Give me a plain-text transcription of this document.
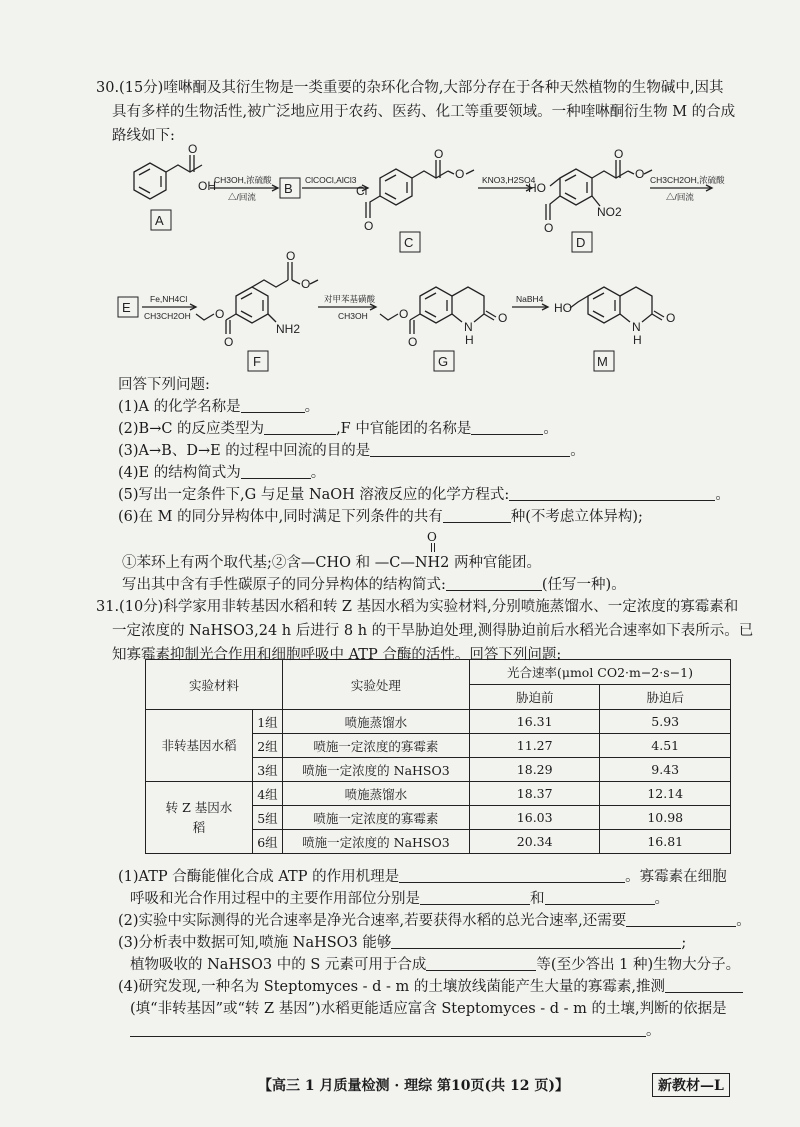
30.(15分)喹啉酮及其衍生物是一类重要的杂环化合物,大部分存在于各种天然植物的生物碱中,因其
具有多样的生物活性,被广泛地应用于农药、医药、化工等重要领域。一种喹啉酮衍生物 M 的合成
路线如下:
OH
O	O
O
Cl
O
O
O
HO
O
NO2
O
O
O
O
NH2
O
O
N
H
O
HO
N
H
O
CH3OH,浓硫酸
△/回流
ClCOCl,AlCl3	KNO3,H2SO4	CH3CH2OH,浓硫酸
△/回流
Fe,NH4Cl
CH3CH2OH
对甲苯基磺酸
CH3OH
NaBH4
A
B
C	D
E
F	G	M
回答下列问题:
(1)A 的化学名称是	。
(2)B→C 的反应类型为	,F 中官能团的名称是	。
(3)A→B、D→E 的过程中回流的目的是	。
(4)E 的结构简式为	。
(5)写出一定条件下,G 与足量 NaOH 溶液反应的化学方程式:	。
(6)在 M 的同分异构体中,同时满足下列条件的共有	种(不考虑立体异构);
O
①苯环上有两个取代基;②含—CHO 和 —C—NH2 两种官能团。
写出其中含有手性碳原子的同分异构体的结构简式:	(任写一种)。
31.(10分)科学家用非转基因水稻和转 Z 基因水稻为实验材料,分别喷施蒸馏水、一定浓度的寡霉素和
一定浓度的 NaHSO3,24 h 后进行 8 h 的干旱胁迫处理,测得胁迫前后水稻光合速率如下表所示。已
知寡霉素抑制光合作用和细胞呼吸中 ATP 合酶的活性。回答下列问题:
实验材料		实验处理	光合速率(μmol CO2·m−2·s−1)	
			胁迫前	胁迫后
非转基因水稻	1组	喷施蒸馏水	16.31	5.93
	2组	喷施一定浓度的寡霉素	11.27	4.51
	3组	喷施一定浓度的 NaHSO3	18.29	9.43
转 Z 基因水稻	4组	喷施蒸馏水	18.37	12.14
	5组	喷施一定浓度的寡霉素	16.03	10.98
	6组	喷施一定浓度的 NaHSO3	20.34	16.81
(1)ATP 合酶能催化合成 ATP 的作用机理是	。寡霉素在细胞
呼吸和光合作用过程中的主要作用部位分别是	和	。
(2)实验中实际测得的光合速率是净光合速率,若要获得水稻的总光合速率,还需要	。
(3)分析表中数据可知,喷施 NaHSO3 能够	;
植物吸收的 NaHSO3 中的 S 元素可用于合成	等(至少答出 1 种)生物大分子。
(4)研究发现,一种名为 Steptomyces - d - m 的土壤放线菌能产生大量的寡霉素,推测
(填“非转基因”或“转 Z 基因”)水稻更能适应富含 Steptomyces - d - m 的土壤,判断的依据是
。
【高三 1 月质量检测 · 理综 第10页(共 12 页)】	新教材—L
